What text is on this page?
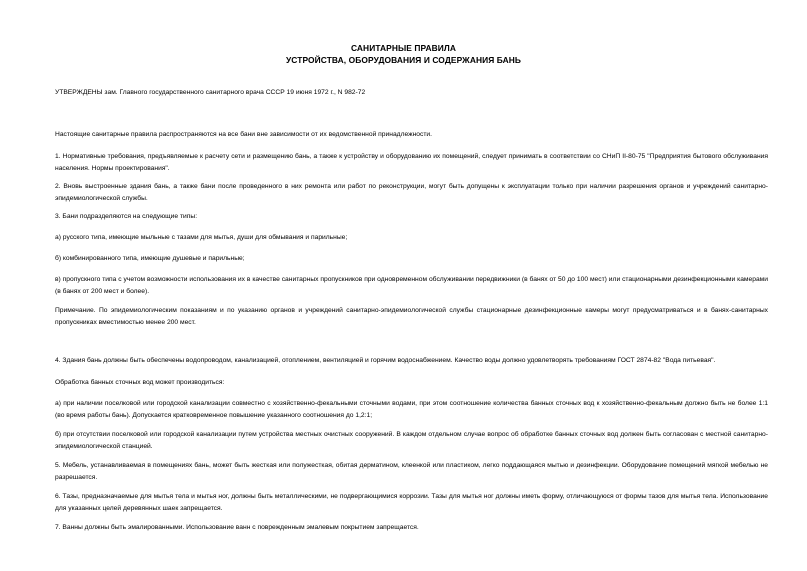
САНИТАРНЫЕ ПРАВИЛА
УСТРОЙСТВА, ОБОРУДОВАНИЯ И СОДЕРЖАНИЯ БАНЬ

УТВЕРЖДЕНЫ зам. Главного государственного санитарного врача СССР 19 июня 1972 г., N 982-72

Настоящие санитарные правила распространяются на все бани вне зависимости от их ведомственной принадлежности.

1. Нормативные требования, предъявляемые к расчету сети и размещению бань, а также к устройству и оборудованию их помещений, следует принимать в соответствии со СНиП II-80-75 "Предприятия бытового обслуживания населения. Нормы проектирования".

2. Вновь выстроенные здания бань, а также бани после проведенного в них ремонта или работ по реконструкции, могут быть допущены к эксплуатации только при наличии разрешения органов и учреждений санитарно-эпидемиологической службы.

3. Бани подразделяются на следующие типы:

а) русского типа, имеющие мыльные с тазами для мытья, души для обмывания и парильные;

б) комбинированного типа, имеющие душевые и парильные;

в) пропускного типа с учетом возможности использования их в качестве санитарных пропускников при одновременном обслуживании передвижники (в банях от 50 до 100 мест) или стационарными дезинфекционными камерами (в банях от 200 мест и более).

Примечание. По эпидемиологическим показаниям и по указанию органов и учреждений санитарно-эпидемиологической службы стационарные дезинфекционные камеры могут предусматриваться и в банях-санитарных пропускниках вместимостью менее 200 мест.

4. Здания бань должны быть обеспечены водопроводом, канализацией, отоплением, вентиляцией и горячим водоснабжением. Качество воды должно удовлетворять требованиям ГОСТ 2874-82 "Вода питьевая".

Обработка банных сточных вод может производиться:

а) при наличии поселковой или городской канализации совместно с хозяйственно-фекальными сточными водами, при этом соотношение количества банных сточных вод к хозяйственно-фекальным должно быть не более 1:1 (во время работы бань). Допускается кратковременное повышение указанного соотношения до 1,2:1;

б) при отсутствии поселковой или городской канализации путем устройства местных очистных сооружений. В каждом отдельном случае вопрос об обработке банных сточных вод должен быть согласован с местной санитарно-эпидемиологической станцией.

5. Мебель, устанавливаемая в помещениях бань, может быть жесткая или полужесткая, обитая дерматином, клеенкой или пластиком, легко поддающаяся мытью и дезинфекции. Оборудование помещений мягкой мебелью не разрешается.

6. Тазы, предназначаемые для мытья тела и мытья ног, должны быть металлическими, не подвергающимися коррозии. Тазы для мытья ног должны иметь форму, отличающуюся от формы тазов для мытья тела. Использование для указанных целей деревянных шаек запрещается.

7. Ванны должны быть эмалированными. Использование ванн с поврежденным эмалевым покрытием запрещается.
